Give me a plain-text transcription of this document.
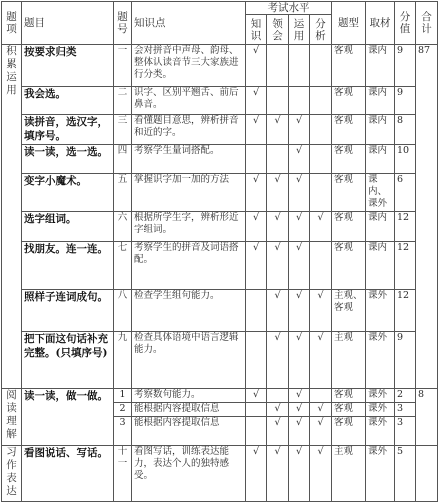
题项	题目	题号	知识点	考试水平				题型	取材	分值	合计
				知识	领会	运用	分析				
积累运用	按要求归类	一	会对拼音中声母、韵母、整体认读音节三大家族进行分类。	√				客观	课内	9	87
	我会选。	二	识字、区别平翘舌、前后鼻音。	√				客观	课内	9	
	读拼音，选汉字，填序号。	三	看懂题目意思，辨析拼音和近的字。	√	√	√		客观	课内	8	
	读一读，选一选。	四	考察学生量词搭配。			√		客观	课内	10	
	变字小魔术。	五	掌握识字加一加的方法	√	√	√		客观	课内、课外	6	
	选字组词。	六	根据所学生字，辨析形近字组词。	√	√	√	√	客观	课内	12	
	找朋友。连一连。	七	考察学生的拼音及词语搭配。	√	√	√		客观	课内	12	
	照样子连词成句。	八	检查学生组句能力。		√	√	√	主观、客观	课外	12	
	把下面这句话补充完整。(只填序号)	九	检查具体语境中语言逻辑能力。		√	√	√	主观	课外	9	
阅读理解	读一读，做一做。	1	考察数句能力。	√		√		客观	课外	2	8
		2	能根据内容提取信息		√	√	√	客观	课外	3	
		3	能根据内容提取信息		√	√	√	客观	课外	3	
习作表达	看图说话、写话。	十一	看图写话，训练表达能力，表达个人的独特感受。	√	√	√	√	主观	课外	5	
